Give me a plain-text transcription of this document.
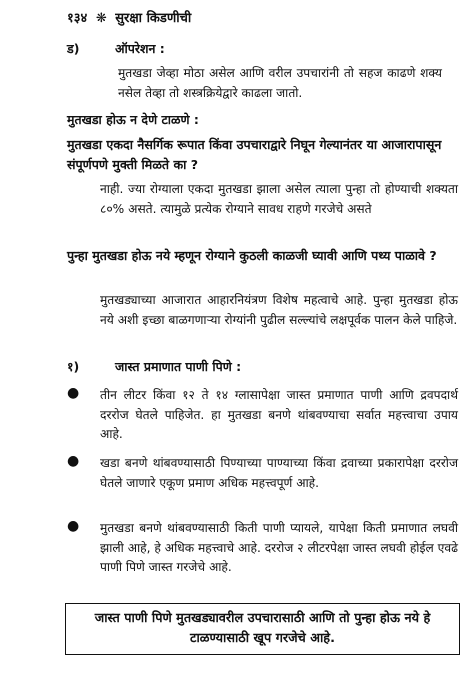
१३४ ❋ सुरक्षा किडणीची
ड)	ऑपरेशन :
मुतखडा जेव्हा मोठा असेल आणि वरील उपचारांनी तो सहज काढणे शक्य नसेल तेव्हा तो शस्त्रक्रियेद्वारे काढला जातो.
मुतखडा होऊ न देणे टाळणे :
मुतखडा एकदा नैसर्गिक रूपात किंवा उपचाराद्वारे निघून गेल्यानंतर या आजारापासून संपूर्णपणे मुक्ती मिळते का ?
नाही. ज्या रोग्याला एकदा मुतखडा झाला असेल त्याला पुन्हा तो होण्याची शक्यता ८०% असते. त्यामुळे प्रत्येक रोग्याने सावध राहणे गरजेचे असते
पुन्हा मुतखडा होऊ नये म्हणून रोग्याने कुठली काळजी घ्यावी आणि पथ्य पाळावे ?
मुतखड्याच्या आजारात आहारनियंत्रण विशेष महत्वाचे आहे. पुन्हा मुतखडा होऊ नये अशी इच्छा बाळगणाऱ्या रोग्यांनी पुढील सल्ल्यांचे लक्षपूर्वक पालन केले पाहिजे.
१)	जास्त प्रमाणात पाणी पिणे :
● तीन लीटर किंवा १२ ते १४ ग्लासापेक्षा जास्त प्रमाणात पाणी आणि द्रवपदार्थ दररोज घेतले पाहिजेत. हा मुतखडा बनणे थांबवण्याचा सर्वात महत्त्वाचा उपाय आहे.
● खडा बनणे थांबवण्यासाठी पिण्याच्या पाण्याच्या किंवा द्रवाच्या प्रकारापेक्षा दररोज घेतले जाणारे एकूण प्रमाण अधिक महत्त्वपूर्ण आहे.
● मुतखडा बनणे थांबवण्यासाठी किती पाणी प्यायले, यापेक्षा किती प्रमाणात लघवी झाली आहे, हे अधिक महत्त्वाचे आहे. दररोज २ लीटरपेक्षा जास्त लघवी होईल एवढे पाणी पिणे जास्त गरजेचे आहे.
जास्त पाणी पिणे मुतखड्यावरील उपचारासाठी आणि तो पुन्हा होऊ नये हे टाळण्यासाठी खूप गरजेचे आहे.
